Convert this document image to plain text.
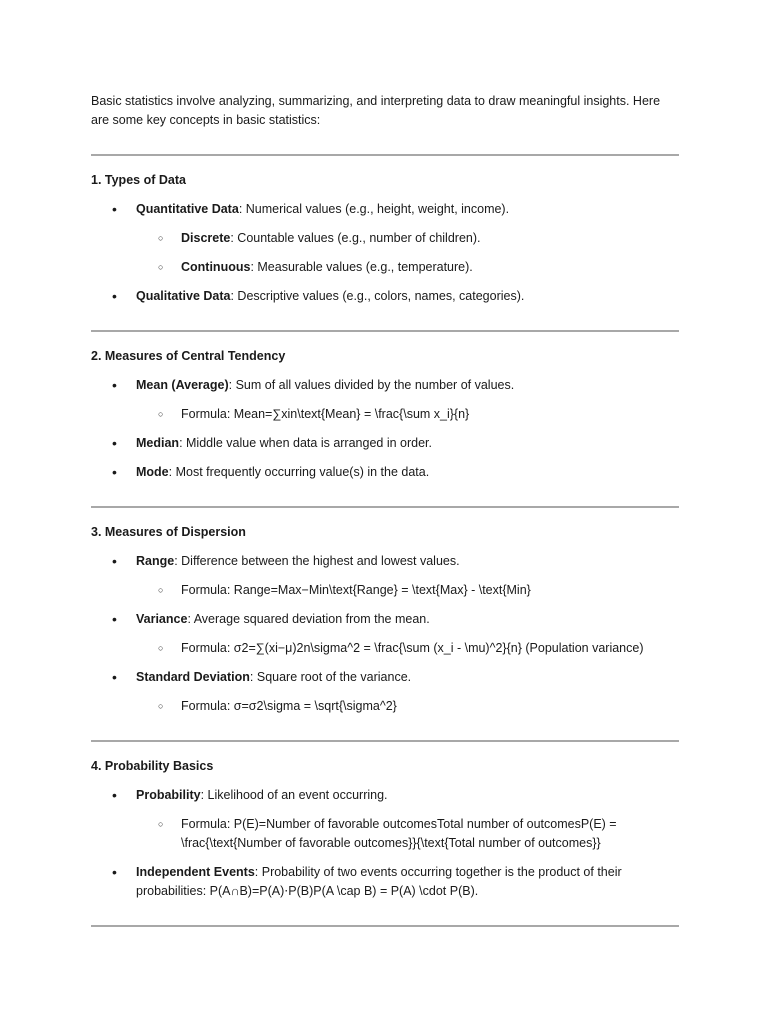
Basic statistics involve analyzing, summarizing, and interpreting data to draw meaningful insights. Here are some key concepts in basic statistics:

1. Types of Data

• Quantitative Data: Numerical values (e.g., height, weight, income).
○ Discrete: Countable values (e.g., number of children).
○ Continuous: Measurable values (e.g., temperature).
• Qualitative Data: Descriptive values (e.g., colors, names, categories).

2. Measures of Central Tendency

• Mean (Average): Sum of all values divided by the number of values.
○ Formula: Mean=∑xin\text{Mean} = \frac{\sum x_i}{n}
• Median: Middle value when data is arranged in order.
• Mode: Most frequently occurring value(s) in the data.

3. Measures of Dispersion

• Range: Difference between the highest and lowest values.
○ Formula: Range=Max−Min\text{Range} = \text{Max} - \text{Min}
• Variance: Average squared deviation from the mean.
○ Formula: σ2=∑(xi−μ)2n\sigma^2 = \frac{\sum (x_i - \mu)^2}{n} (Population variance)
• Standard Deviation: Square root of the variance.
○ Formula: σ=σ2\sigma = \sqrt{\sigma^2}

4. Probability Basics

• Probability: Likelihood of an event occurring.
○ Formula: P(E)=Number of favorable outcomesTotal number of outcomesP(E) = \frac{\text{Number of favorable outcomes}}{\text{Total number of outcomes}}
• Independent Events: Probability of two events occurring together is the product of their probabilities: P(A∩B)=P(A)⋅P(B)P(A \cap B) = P(A) \cdot P(B).
